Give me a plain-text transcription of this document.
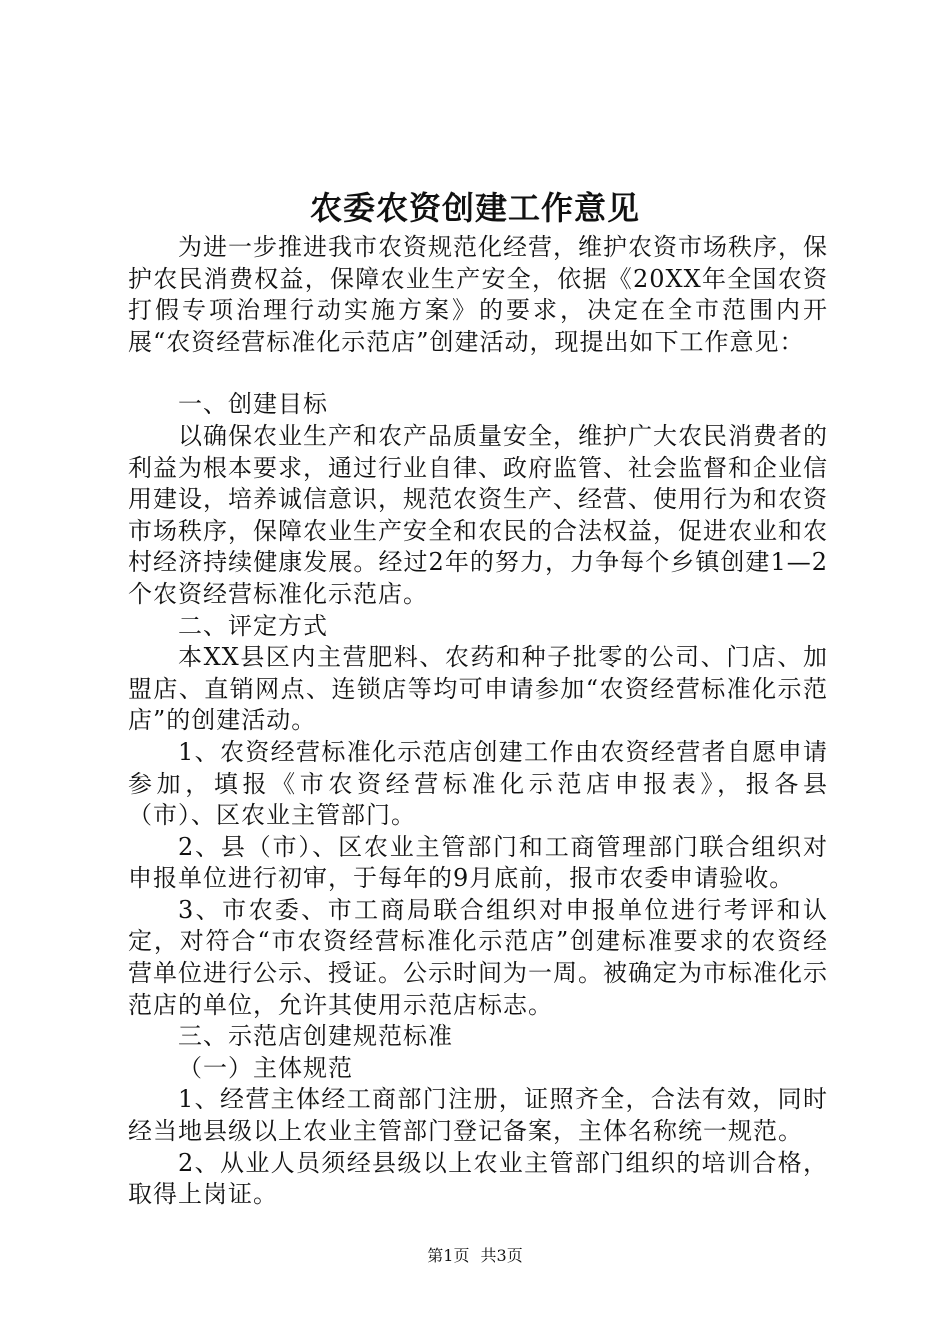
农委农资创建工作意见

为进一步推进我市农资规范化经营，维护农资市场秩序，保护农民消费权益，保障农业生产安全，依据《20XX年全国农资打假专项治理行动实施方案》的要求，决定在全市范围内开展“农资经营标准化示范店”创建活动，现提出如下工作意见：

一、创建目标

以确保农业生产和农产品质量安全，维护广大农民消费者的利益为根本要求，通过行业自律、政府监管、社会监督和企业信用建设，培养诚信意识，规范农资生产、经营、使用行为和农资市场秩序，保障农业生产安全和农民的合法权益，促进农业和农村经济持续健康发展。经过2年的努力，力争每个乡镇创建1—2个农资经营标准化示范店。

二、评定方式

本XX县区内主营肥料、农药和种子批零的公司、门店、加盟店、直销网点、连锁店等均可申请参加“农资经营标准化示范店”的创建活动。

1、农资经营标准化示范店创建工作由农资经营者自愿申请参加，填报《市农资经营标准化示范店申报表》，报各县（市）、区农业主管部门。

2、县（市）、区农业主管部门和工商管理部门联合组织对申报单位进行初审，于每年的9月底前，报市农委申请验收。

3、市农委、市工商局联合组织对申报单位进行考评和认定，对符合“市农资经营标准化示范店”创建标准要求的农资经营单位进行公示、授证。公示时间为一周。被确定为市标准化示范店的单位，允许其使用示范店标志。

三、示范店创建规范标准

（一）主体规范

1、经营主体经工商部门注册，证照齐全，合法有效，同时经当地县级以上农业主管部门登记备案，主体名称统一规范。

2、从业人员须经县级以上农业主管部门组织的培训合格，取得上岗证。

第1页 共3页
